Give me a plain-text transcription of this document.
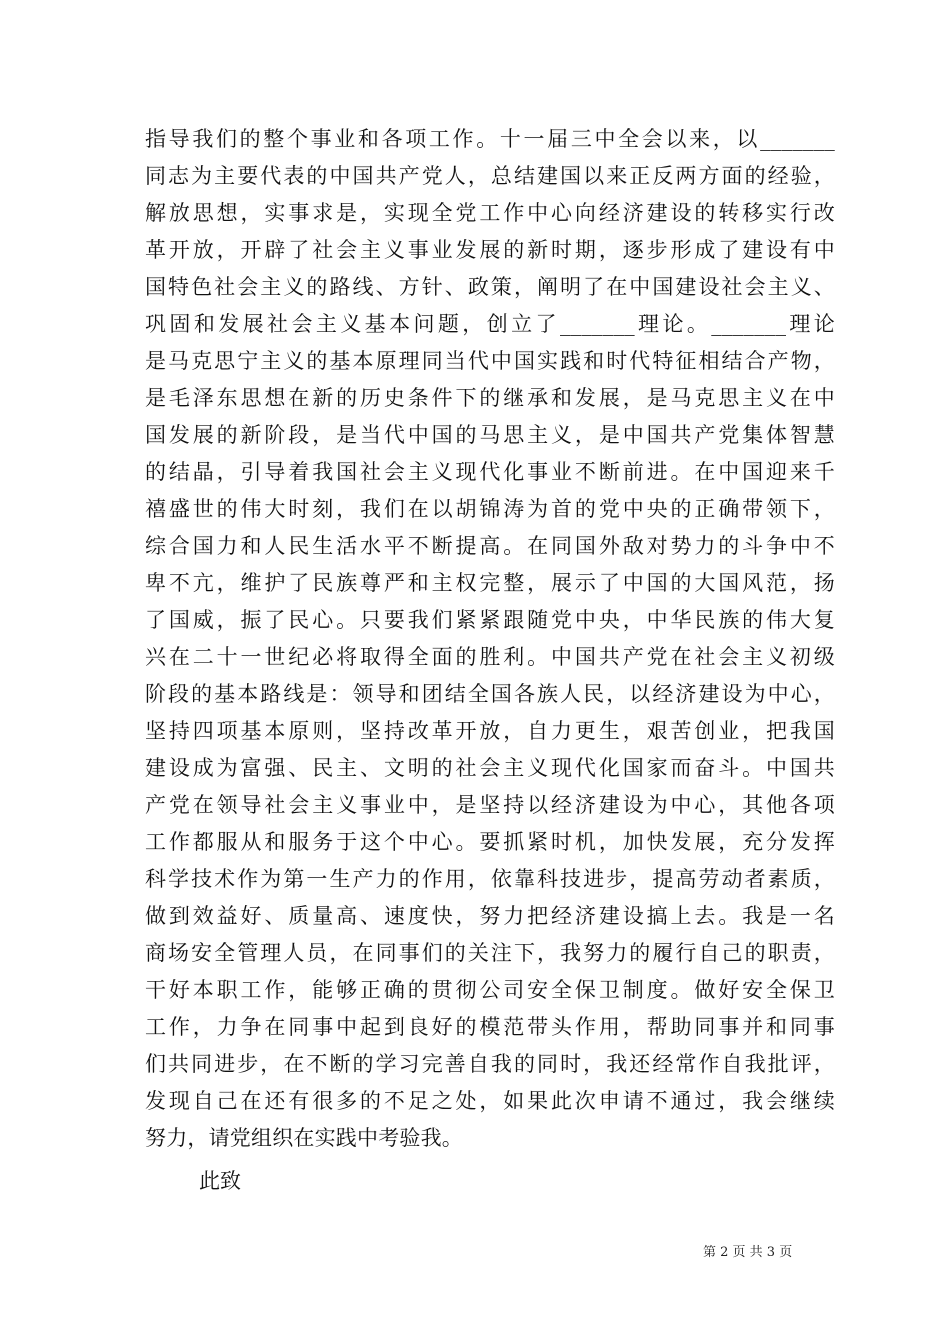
指导我们的整个事业和各项工作。十一届三中全会以来，以_______
同志为主要代表的中国共产党人，总结建国以来正反两方面的经验，
解放思想，实事求是，实现全党工作中心向经济建设的转移实行改
革开放，开辟了社会主义事业发展的新时期，逐步形成了建设有中
国特色社会主义的路线、方针、政策，阐明了在中国建设社会主义、
巩固和发展社会主义基本问题，创立了_______理论。_______理论
是马克思宁主义的基本原理同当代中国实践和时代特征相结合产物，
是毛泽东思想在新的历史条件下的继承和发展，是马克思主义在中
国发展的新阶段，是当代中国的马思主义，是中国共产党集体智慧
的结晶，引导着我国社会主义现代化事业不断前进。在中国迎来千
禧盛世的伟大时刻，我们在以胡锦涛为首的党中央的正确带领下，
综合国力和人民生活水平不断提高。在同国外敌对势力的斗争中不
卑不亢，维护了民族尊严和主权完整，展示了中国的大国风范，扬
了国威，振了民心。只要我们紧紧跟随党中央，中华民族的伟大复
兴在二十一世纪必将取得全面的胜利。中国共产党在社会主义初级
阶段的基本路线是：领导和团结全国各族人民，以经济建设为中心，
坚持四项基本原则，坚持改革开放，自力更生，艰苦创业，把我国
建设成为富强、民主、文明的社会主义现代化国家而奋斗。中国共
产党在领导社会主义事业中，是坚持以经济建设为中心，其他各项
工作都服从和服务于这个中心。要抓紧时机，加快发展，充分发挥
科学技术作为第一生产力的作用，依靠科技进步，提高劳动者素质，
做到效益好、质量高、速度快，努力把经济建设搞上去。我是一名
商场安全管理人员，在同事们的关注下，我努力的履行自己的职责，
干好本职工作，能够正确的贯彻公司安全保卫制度。做好安全保卫
工作，力争在同事中起到良好的模范带头作用，帮助同事并和同事
们共同进步，在不断的学习完善自我的同时，我还经常作自我批评，
发现自己在还有很多的不足之处，如果此次申请不通过，我会继续
努力，请党组织在实践中考验我。
此致
第 2 页 共 3 页
